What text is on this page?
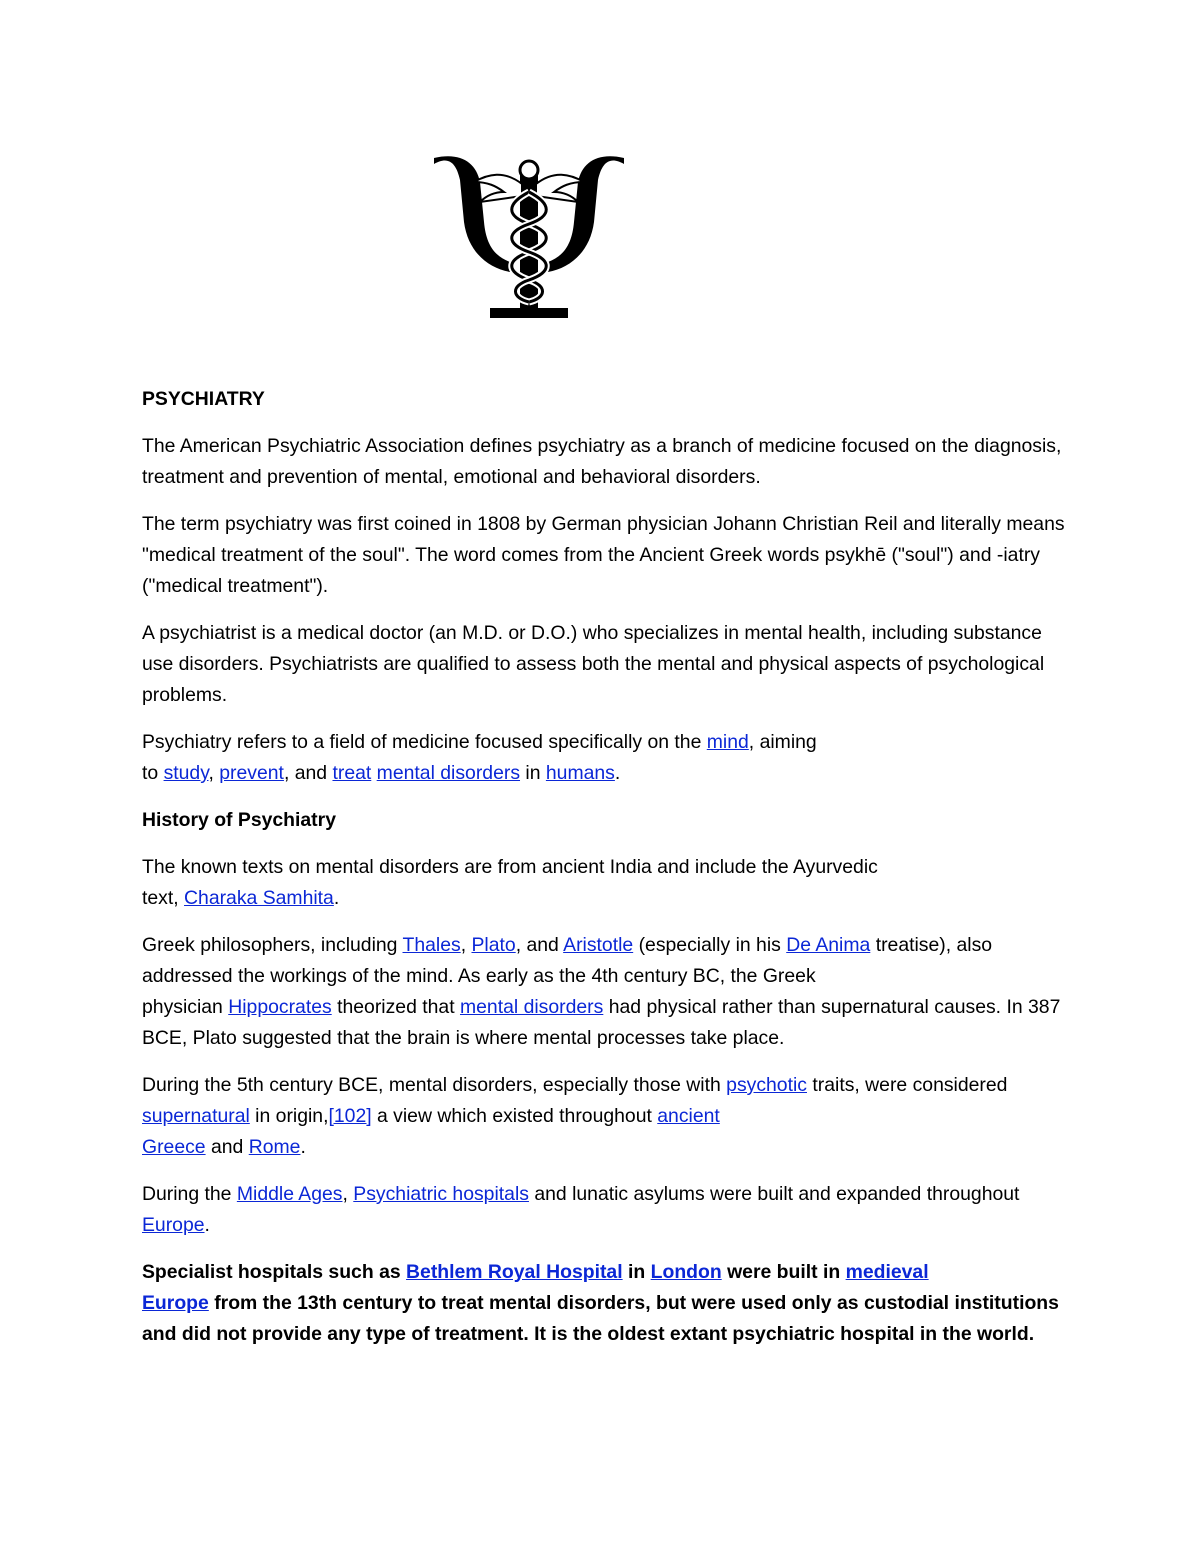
PSYCHIATRY

The American Psychiatric Association defines psychiatry as a branch of medicine focused on the diagnosis, treatment and prevention of mental, emotional and behavioral disorders.

The term psychiatry was first coined in 1808 by German physician Johann Christian Reil and literally means "medical treatment of the soul". The word comes from the Ancient Greek words psykhē ("soul") and -iatry ("medical treatment").

A psychiatrist is a medical doctor (an M.D. or D.O.) who specializes in mental health, including substance use disorders. Psychiatrists are qualified to assess both the mental and physical aspects of psychological problems.

Psychiatry refers to a field of medicine focused specifically on the mind, aiming
to study, prevent, and treat mental disorders in humans.

History of Psychiatry

The known texts on mental disorders are from ancient India and include the Ayurvedic
text, Charaka Samhita.

Greek philosophers, including Thales, Plato, and Aristotle (especially in his De Anima treatise), also addressed the workings of the mind. As early as the 4th century BC, the Greek
physician Hippocrates theorized that mental disorders had physical rather than supernatural causes. In 387 BCE, Plato suggested that the brain is where mental processes take place.

During the 5th century BCE, mental disorders, especially those with psychotic traits, were considered supernatural in origin,[102] a view which existed throughout ancient
Greece and Rome.

During the Middle Ages, Psychiatric hospitals and lunatic asylums were built and expanded throughout Europe.

Specialist hospitals such as Bethlem Royal Hospital in London were built in medieval
Europe from the 13th century to treat mental disorders, but were used only as custodial institutions and did not provide any type of treatment. It is the oldest extant psychiatric hospital in the world.
